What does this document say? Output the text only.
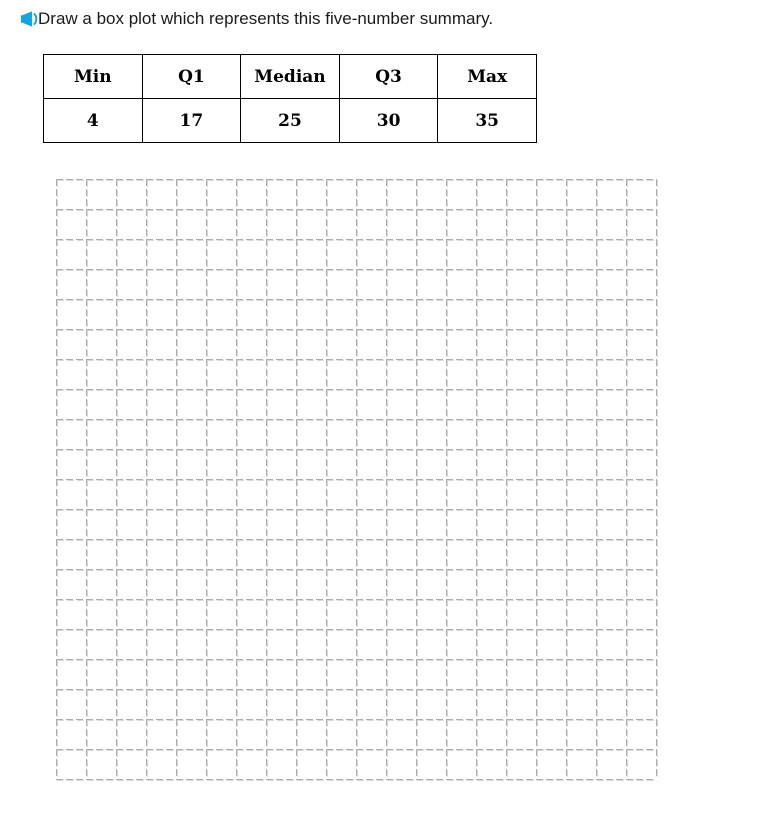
Draw a box plot which represents this five-number summary.
Min	Q1	Median	Q3	Max
4	17	25	30	35
